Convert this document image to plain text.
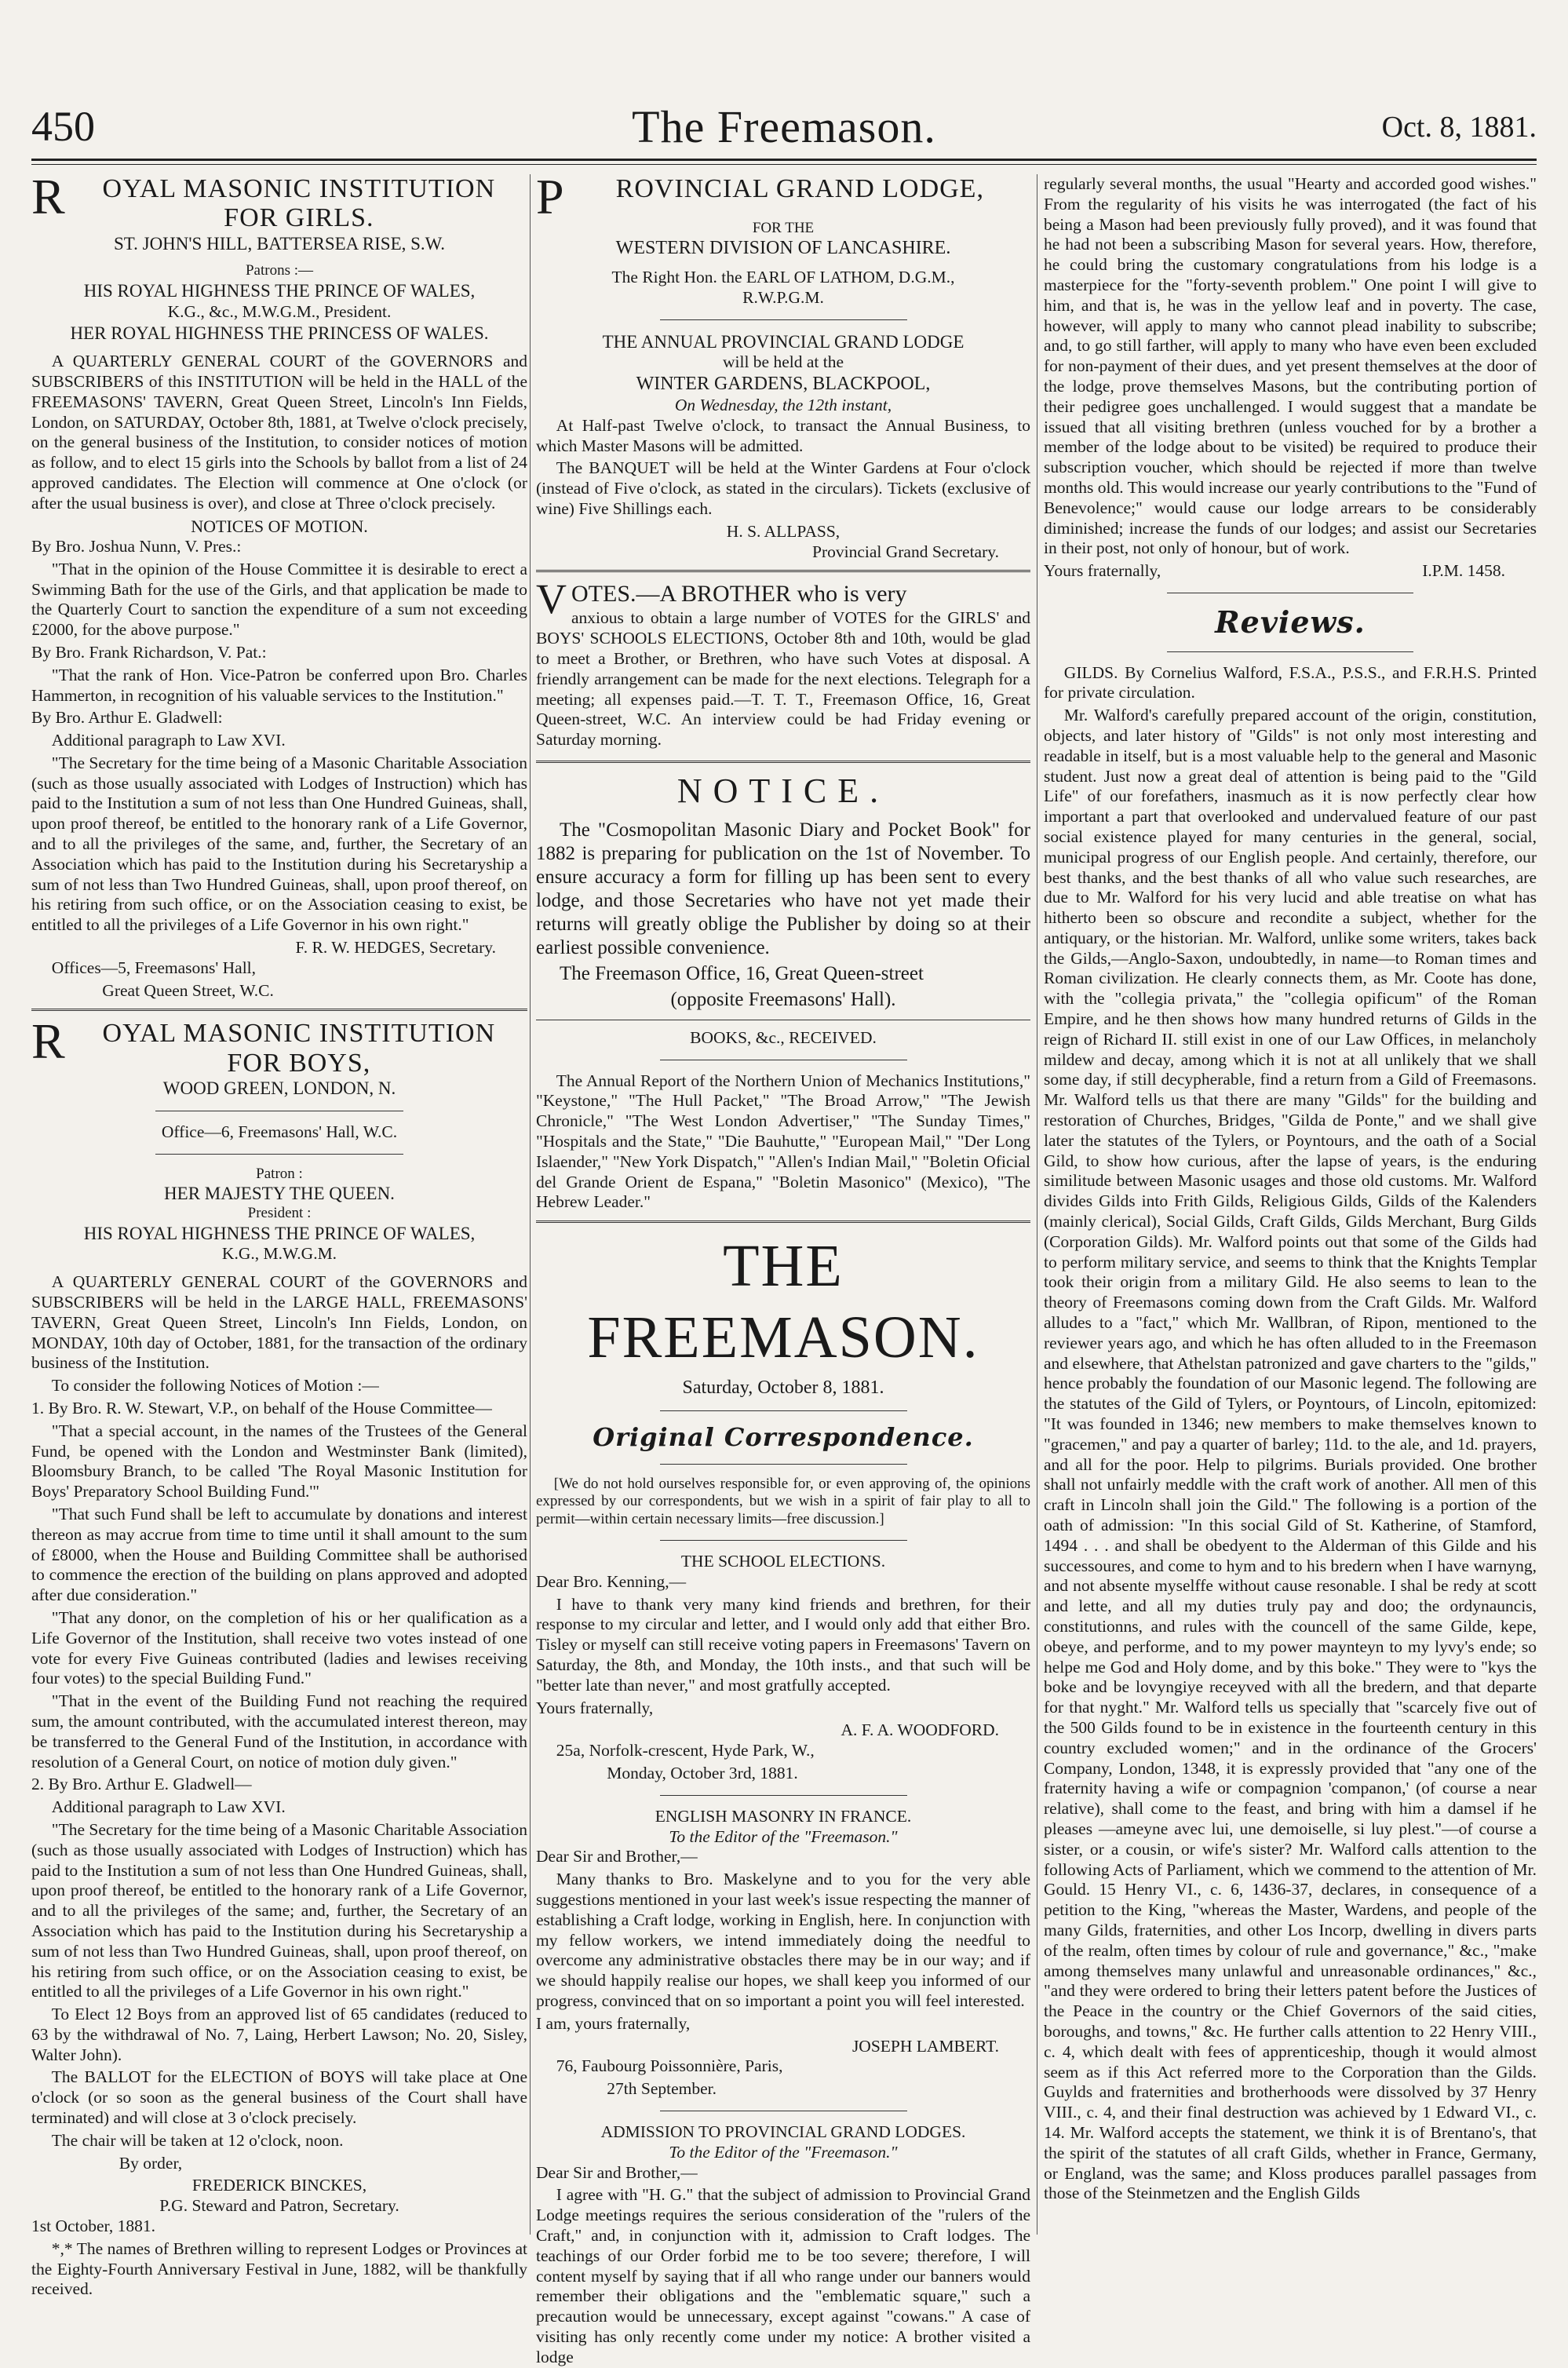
450	The Freemason.	Oct. 8, 1881.
R OYAL MASONIC INSTITUTION
FOR GIRLS.
ST. JOHN'S HILL, BATTERSEA RISE, S.W.
Patrons :—
HIS ROYAL HIGHNESS THE PRINCE OF WALES,
K.G., &c., M.W.G.M., President.
HER ROYAL HIGHNESS THE PRINCESS OF WALES.

A QUARTERLY GENERAL COURT of the GOVERNORS and SUBSCRIBERS of this INSTITUTION will be held in the HALL of the FREEMASONS' TAVERN, Great Queen Street, Lincoln's Inn Fields, London, on SATURDAY, October 8th, 1881, at Twelve o'clock precisely, on the general business of the Institution, to consider notices of motion as follow, and to elect 15 girls into the Schools by ballot from a list of 24 approved candidates. The Election will commence at One o'clock (or after the usual business is over), and close at Three o'clock precisely.

NOTICES OF MOTION.

By Bro. Joshua Nunn, V. Pres.:

"That in the opinion of the House Committee it is desirable to erect a Swimming Bath for the use of the Girls, and that application be made to the Quarterly Court to sanction the expenditure of a sum not exceeding £2000, for the above purpose."

By Bro. Frank Richardson, V. Pat.:

"That the rank of Hon. Vice-Patron be conferred upon Bro. Charles Hammerton, in recognition of his valuable services to the Institution."

By Bro. Arthur E. Gladwell:

Additional paragraph to Law XVI.

"The Secretary for the time being of a Masonic Charitable Association (such as those usually associated with Lodges of Instruction) which has paid to the Institution a sum of not less than One Hundred Guineas, shall, upon proof thereof, be entitled to the honorary rank of a Life Governor, and to all the privileges of the same, and, further, the Secretary of an Association which has paid to the Institution during his Secretaryship a sum of not less than Two Hundred Guineas, shall, upon proof thereof, on his retiring from such office, or on the Association ceasing to exist, be entitled to all the privileges of a Life Governor in his own right."

F. R. W. HEDGES, Secretary.

Offices—5, Freemasons' Hall,

Great Queen Street, W.C.

R OYAL MASONIC INSTITUTION
FOR BOYS,
WOOD GREEN, LONDON, N.
Office—6, Freemasons' Hall, W.C.
Patron :
HER MAJESTY THE QUEEN.
President :
HIS ROYAL HIGHNESS THE PRINCE OF WALES,
K.G., M.W.G.M.

A QUARTERLY GENERAL COURT of the GOVERNORS and SUBSCRIBERS will be held in the LARGE HALL, FREEMASONS' TAVERN, Great Queen Street, Lincoln's Inn Fields, London, on MONDAY, 10th day of October, 1881, for the transaction of the ordinary business of the Institution.

To consider the following Notices of Motion :—

1. By Bro. R. W. Stewart, V.P., on behalf of the House Committee—

"That a special account, in the names of the Trustees of the General Fund, be opened with the London and Westminster Bank (limited), Bloomsbury Branch, to be called 'The Royal Masonic Institution for Boys' Preparatory School Building Fund.'"

"That such Fund shall be left to accumulate by donations and interest thereon as may accrue from time to time until it shall amount to the sum of £8000, when the House and Building Committee shall be authorised to commence the erection of the building on plans approved and adopted after due consideration."

"That any donor, on the completion of his or her qualification as a Life Governor of the Institution, shall receive two votes instead of one vote for every Five Guineas contributed (ladies and lewises receiving four votes) to the special Building Fund."

"That in the event of the Building Fund not reaching the required sum, the amount contributed, with the accumulated interest thereon, may be transferred to the General Fund of the Institution, in accordance with resolution of a General Court, on notice of motion duly given."

2. By Bro. Arthur E. Gladwell—

Additional paragraph to Law XVI.

"The Secretary for the time being of a Masonic Charitable Association (such as those usually associated with Lodges of Instruction) which has paid to the Institution a sum of not less than One Hundred Guineas, shall, upon proof thereof, be entitled to the honorary rank of a Life Governor, and to all the privileges of the same; and, further, the Secretary of an Association which has paid to the Institution during his Secretaryship a sum of not less than Two Hundred Guineas, shall, upon proof thereof, on his retiring from such office, or on the Association ceasing to exist, be entitled to all the privileges of a Life Governor in his own right."

To Elect 12 Boys from an approved list of 65 candidates (reduced to 63 by the withdrawal of No. 7, Laing, Herbert Lawson; No. 20, Sisley, Walter John).

The BALLOT for the ELECTION of BOYS will take place at One o'clock (or so soon as the general business of the Court shall have terminated) and will close at 3 o'clock precisely.

The chair will be taken at 12 o'clock, noon.

By order,

FREDERICK BINCKES,
P.G. Steward and Patron, Secretary.

1st October, 1881.

*,* The names of Brethren willing to represent Lodges or Provinces at the Eighty-Fourth Anniversary Festival in June, 1882, will be thankfully received.

P ROVINCIAL GRAND LODGE,
FOR THE
WESTERN DIVISION OF LANCASHIRE.
The Right Hon. the EARL OF LATHOM, D.G.M.,
R.W.P.G.M.
THE ANNUAL PROVINCIAL GRAND LODGE
will be held at the
WINTER GARDENS, BLACKPOOL,
On Wednesday, the 12th instant,

At Half-past Twelve o'clock, to transact the Annual Business, to which Master Masons will be admitted.

The BANQUET will be held at the Winter Gardens at Four o'clock (instead of Five o'clock, as stated in the circulars). Tickets (exclusive of wine) Five Shillings each.

H. S. ALLPASS,
Provincial Grand Secretary.
VOTES.—A BROTHER who is very

anxious to obtain a large number of VOTES for the GIRLS' and BOYS' SCHOOLS ELECTIONS, October 8th and 10th, would be glad to meet a Brother, or Brethren, who have such Votes at disposal. A friendly arrangement can be made for the next elections. Telegraph for a meeting; all expenses paid.—T. T. T., Freemason Office, 16, Great Queen-street, W.C. An interview could be had Friday evening or Saturday morning.

NOTICE.

The "Cosmopolitan Masonic Diary and Pocket Book" for 1882 is preparing for publication on the 1st of November. To ensure accuracy a form for filling up has been sent to every lodge, and those Secretaries who have not yet made their returns will greatly oblige the Publisher by doing so at their earliest possible convenience.

The Freemason Office, 16, Great Queen-street

(opposite Freemasons' Hall).
BOOKS, &c., RECEIVED.

The Annual Report of the Northern Union of Mechanics Institutions," "Keystone," "The Hull Packet," "The Broad Arrow," "The Jewish Chronicle," "The West London Advertiser," "The Sunday Times," "Hospitals and the State," "Die Bauhutte," "European Mail," "Der Long Islaender," "New York Dispatch," "Allen's Indian Mail," "Boletin Oficial del Grande Orient de Espana," "Boletin Masonico" (Mexico), "The Hebrew Leader."

THE FREEMASON.
Saturday, October 8, 1881.
Original Correspondence.

[We do not hold ourselves responsible for, or even approving of, the opinions expressed by our correspondents, but we wish in a spirit of fair play to all to permit—within certain necessary limits—free discussion.]

THE SCHOOL ELECTIONS.

Dear Bro. Kenning,—

I have to thank very many kind friends and brethren, for their response to my circular and letter, and I would only add that either Bro. Tisley or myself can still receive voting papers in Freemasons' Tavern on Saturday, the 8th, and Monday, the 10th insts., and that such will be "better late than never," and most gratfully accepted.

Yours fraternally,

A. F. A. WOODFORD.

25a, Norfolk-crescent, Hyde Park, W.,

Monday, October 3rd, 1881.

ENGLISH MASONRY IN FRANCE.
To the Editor of the "Freemason."

Dear Sir and Brother,—

Many thanks to Bro. Maskelyne and to you for the very able suggestions mentioned in your last week's issue respecting the manner of establishing a Craft lodge, working in English, here. In conjunction with my fellow workers, we intend immediately doing the needful to overcome any administrative obstacles there may be in our way; and if we should happily realise our hopes, we shall keep you informed of our progress, convinced that on so important a point you will feel interested.

I am, yours fraternally,

JOSEPH LAMBERT.

76, Faubourg Poissonnière, Paris,

27th September.

ADMISSION TO PROVINCIAL GRAND LODGES.
To the Editor of the "Freemason."

Dear Sir and Brother,—

I agree with "H. G." that the subject of admission to Provincial Grand Lodge meetings requires the serious consideration of the "rulers of the Craft," and, in conjunction with it, admission to Craft lodges. The teachings of our Order forbid me to be too severe; therefore, I will content myself by saying that if all who range under our banners would remember their obligations and the "emblematic square," such a precaution would be unnecessary, except against "cowans." A case of visiting has only recently come under my notice: A brother visited a lodge

regularly several months, the usual "Hearty and accorded good wishes." From the regularity of his visits he was interrogated (the fact of his being a Mason had been previously fully proved), and it was found that he had not been a subscribing Mason for several years. How, therefore, he could bring the customary congratulations from his lodge is a masterpiece for the "forty-seventh problem." One point I will give to him, and that is, he was in the yellow leaf and in poverty. The case, however, will apply to many who cannot plead inability to subscribe; and, to go still farther, will apply to many who have even been excluded for non-payment of their dues, and yet present themselves at the door of the lodge, prove themselves Masons, but the contributing portion of their pedigree goes unchallenged. I would suggest that a mandate be issued that all visiting brethren (unless vouched for by a brother a member of the lodge about to be visited) be required to produce their subscription voucher, which should be rejected if more than twelve months old. This would increase our yearly contributions to the "Fund of Benevolence;" would cause our lodge arrears to be considerably diminished; increase the funds of our lodges; and assist our Secretaries in their post, not only of honour, but of work.

Yours fraternally,	I.P.M. 1458.

Reviews.

GILDS. By Cornelius Walford, F.S.A., P.S.S., and F.R.H.S. Printed for private circulation.

Mr. Walford's carefully prepared account of the origin, constitution, objects, and later history of "Gilds" is not only most interesting and readable in itself, but is a most valuable help to the general and Masonic student. Just now a great deal of attention is being paid to the "Gild Life" of our forefathers, inasmuch as it is now perfectly clear how important a part that overlooked and undervalued feature of our past social existence played for many centuries in the general, social, municipal progress of our English people. And certainly, therefore, our best thanks, and the best thanks of all who value such researches, are due to Mr. Walford for his very lucid and able treatise on what has hitherto been so obscure and recondite a subject, whether for the antiquary, or the historian. Mr. Walford, unlike some writers, takes back the Gilds,—Anglo-Saxon, undoubtedly, in name—to Roman times and Roman civilization. He clearly connects them, as Mr. Coote has done, with the "collegia privata," the "collegia opificum" of the Roman Empire, and he then shows how many hundred returns of Gilds in the reign of Richard II. still exist in one of our Law Offices, in melancholy mildew and decay, among which it is not at all unlikely that we shall some day, if still decypherable, find a return from a Gild of Freemasons. Mr. Walford tells us that there are many "Gilds" for the building and restoration of Churches, Bridges, "Gilda de Ponte," and we shall give later the statutes of the Tylers, or Poyntours, and the oath of a Social Gild, to show how curious, after the lapse of years, is the enduring similitude between Masonic usages and those old customs. Mr. Walford divides Gilds into Frith Gilds, Religious Gilds, Gilds of the Kalenders (mainly clerical), Social Gilds, Craft Gilds, Gilds Merchant, Burg Gilds (Corporation Gilds). Mr. Walford points out that some of the Gilds had to perform military service, and seems to think that the Knights Templar took their origin from a military Gild. He also seems to lean to the theory of Freemasons coming down from the Craft Gilds. Mr. Walford alludes to a "fact," which Mr. Wallbran, of Ripon, mentioned to the reviewer years ago, and which he has often alluded to in the Freemason and elsewhere, that Athelstan patronized and gave charters to the "gilds," hence probably the foundation of our Masonic legend. The following are the statutes of the Gild of Tylers, or Poyntours, of Lincoln, epitomized: "It was founded in 1346; new members to make themselves known to "gracemen," and pay a quarter of barley; 11d. to the ale, and 1d. prayers, and all for the poor. Help to pilgrims. Burials provided. One brother shall not unfairly meddle with the craft work of another. All men of this craft in Lincoln shall join the Gild." The following is a portion of the oath of admission: "In this social Gild of St. Katherine, of Stamford, 1494 . . . and shall be obedyent to the Alderman of this Gilde and his successoures, and come to hym and to his bredern when I have warnyng, and not absente myselffe without cause resonable. I shal be redy at scott and lette, and all my duties truly pay and doo; the ordynauncis, constitutionns, and rules with the councell of the same Gilde, kepe, obeye, and performe, and to my power maynteyn to my lyvy's ende; so helpe me God and Holy dome, and by this boke." They were to "kys the boke and be lovyngiye receyved with all the bredern, and that departe for that nyght." Mr. Walford tells us specially that "scarcely five out of the 500 Gilds found to be in existence in the fourteenth century in this country excluded women;" and in the ordinance of the Grocers' Company, London, 1348, it is expressly provided that "any one of the fraternity having a wife or compagnion 'companon,' (of course a near relative), shall come to the feast, and bring with him a damsel if he pleases —ameyne avec lui, une demoiselle, si luy plest."—of course a sister, or a cousin, or wife's sister? Mr. Walford calls attention to the following Acts of Parliament, which we commend to the attention of Mr. Gould. 15 Henry VI., c. 6, 1436-37, declares, in consequence of a petition to the King, "whereas the Master, Wardens, and people of the many Gilds, fraternities, and other Los Incorp, dwelling in divers parts of the realm, often times by colour of rule and governance," &c., "make among themselves many unlawful and unreasonable ordinances," &c., "and they were ordered to bring their letters patent before the Justices of the Peace in the country or the Chief Governors of the said cities, boroughs, and towns," &c. He further calls attention to 22 Henry VIII., c. 4, which dealt with fees of apprenticeship, though it would almost seem as if this Act referred more to the Corporation than the Gilds. Guylds and fraternities and brotherhoods were dissolved by 37 Henry VIII., c. 4, and their final destruction was achieved by 1 Edward VI., c. 14. Mr. Walford accepts the statement, we think it is of Brentano's, that the spirit of the statutes of all craft Gilds, whether in France, Germany, or England, was the same; and Kloss produces parallel passages from those of the Steinmetzen and the English Gilds
